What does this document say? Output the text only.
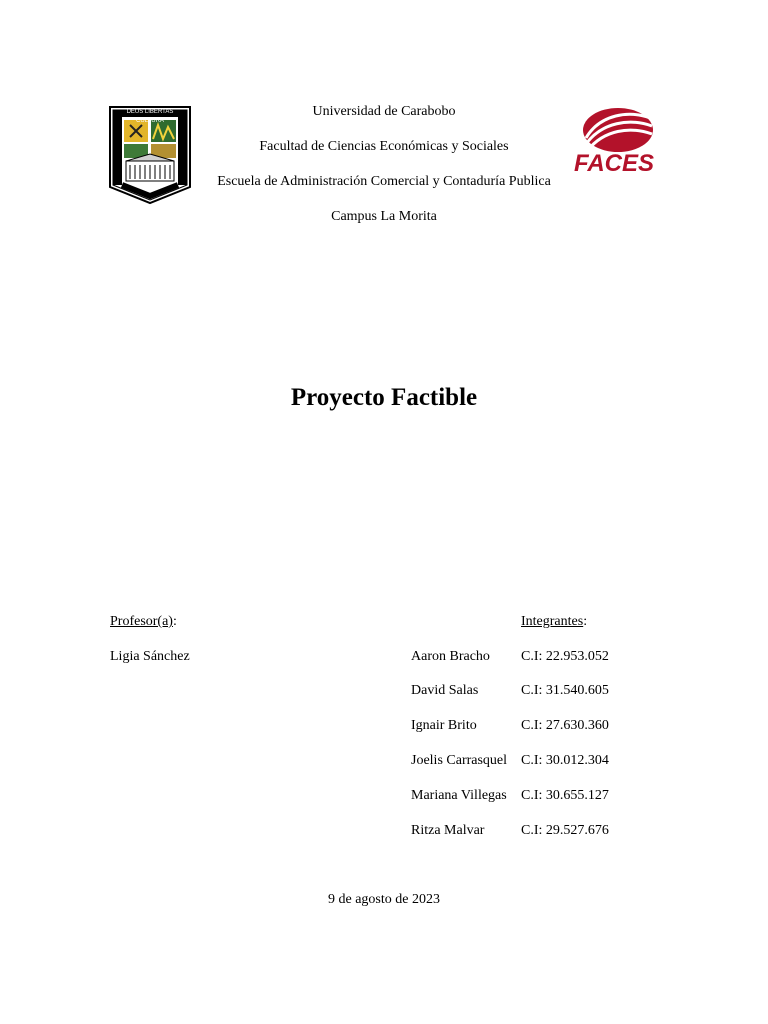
DEUS LIBERTAS CULTURA
FACES
Universidad de Carabobo
Facultad de Ciencias Económicas y Sociales
Escuela de Administración Comercial y Contaduría Publica
Campus La Morita
Proyecto Factible
Profesor(a):
Ligia Sánchez
Integrantes:
Aaron Bracho C.I: 22.953.052
David Salas	C.I: 31.540.605
Ignair Brito	C.I: 27.630.360
Joelis Carrasquel C.I: 30.012.304
Mariana Villegas C.I: 30.655.127
Ritza Malvar	C.I: 29.527.676
9 de agosto de 2023
